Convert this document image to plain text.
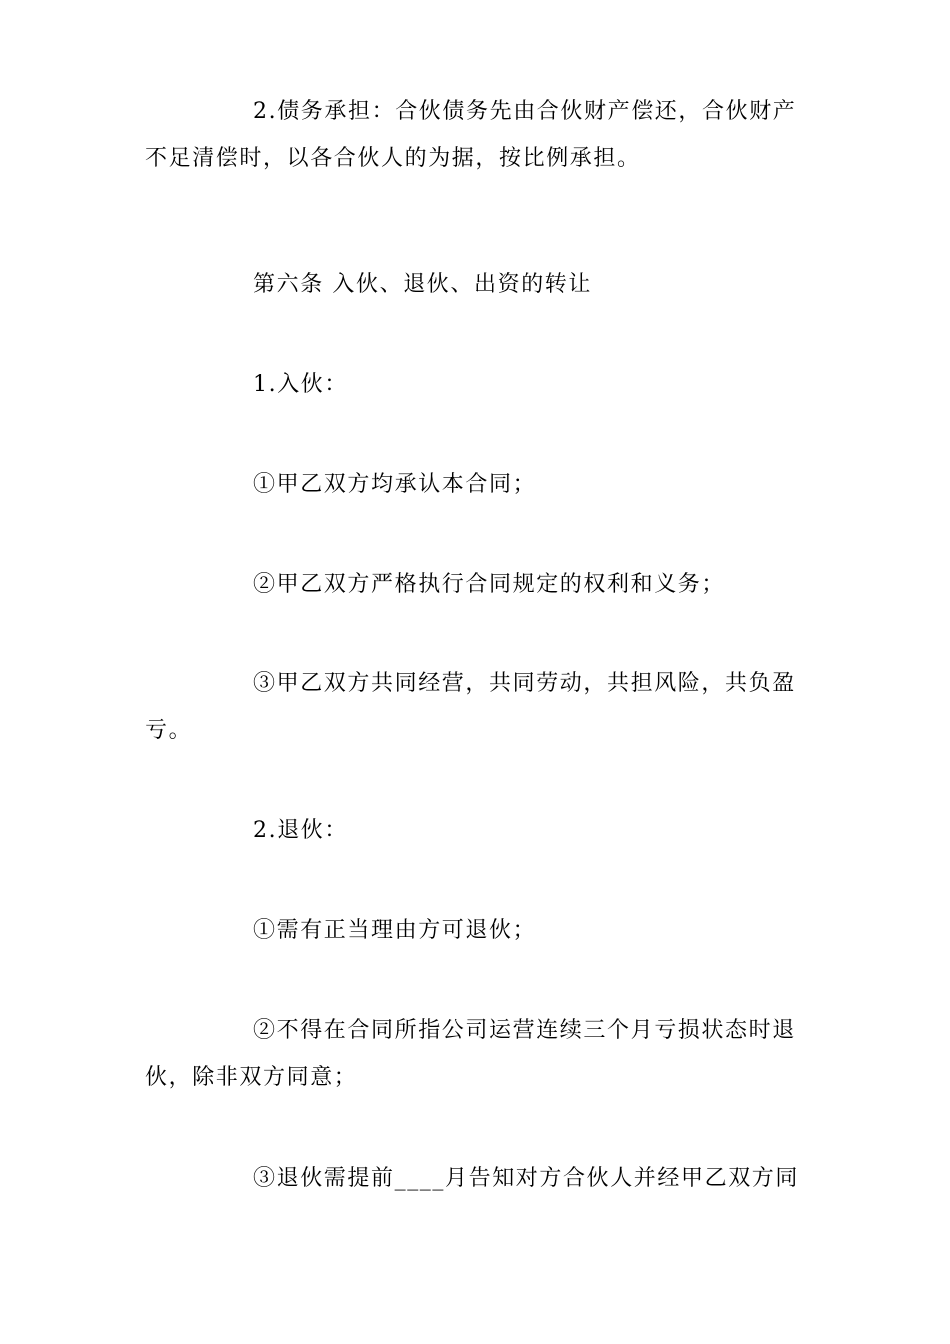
2.债务承担：合伙债务先由合伙财产偿还，合伙财产不足清偿时，以各合伙人的为据，按比例承担。

第六条 入伙、退伙、出资的转让

1.入伙：

①甲乙双方均承认本合同；

②甲乙双方严格执行合同规定的权利和义务；

③甲乙双方共同经营，共同劳动，共担风险，共负盈亏。

2.退伙：

①需有正当理由方可退伙；

②不得在合同所指公司运营连续三个月亏损状态时退伙，除非双方同意；

③退伙需提前____月告知对方合伙人并经甲乙双方同
